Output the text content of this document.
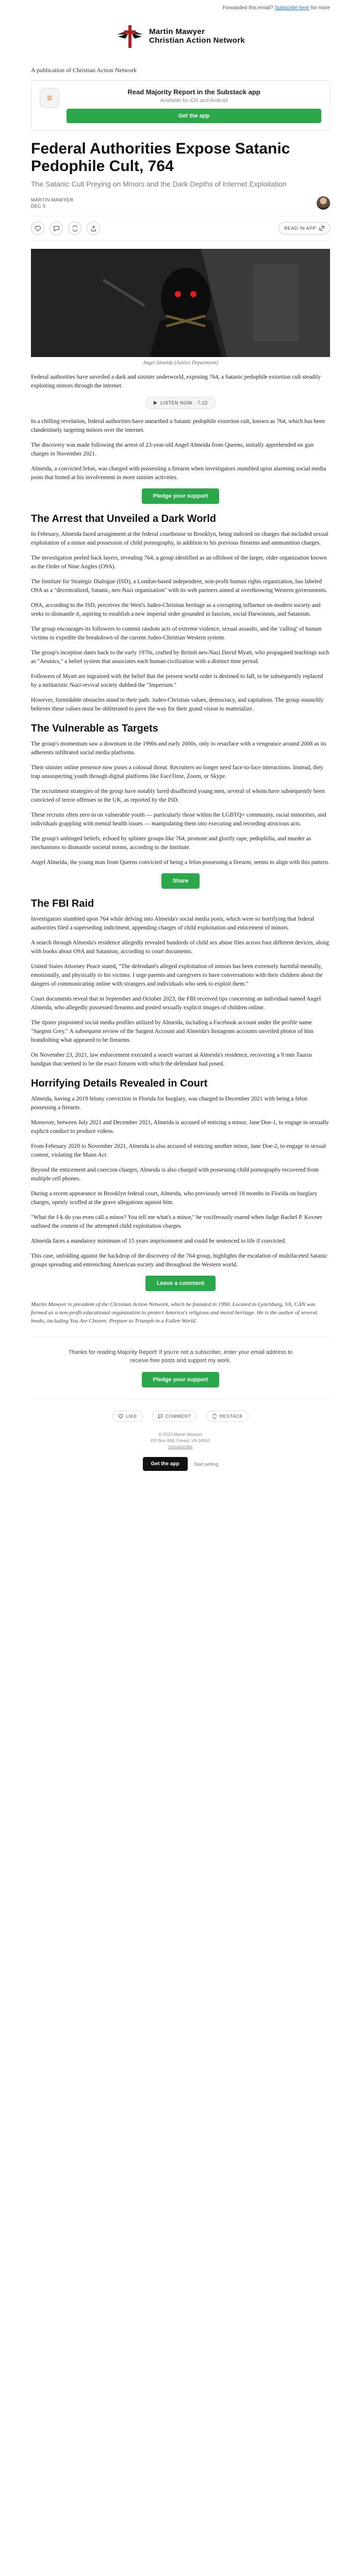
Forwarded this email? Subscribe here for more
Martin Mawyer
Christian Action Network
A publication of Christian Action Network
≡
Read Majority Report in the Substack app
Available for iOS and Android
Get the app
Federal Authorities Expose Satanic Pedophile Cult, 764
The Satanic Cult Preying on Minors and the Dark Depths of Internet Exploitation
MARTIN MAWYER
DEC 5
READ IN APP
Angel Almeida (Justice Department)

Federal authorities have unveiled a dark and sinister underworld, exposing 764, a Satanic pedophile extortion cult steadily exploiting minors through the internet.

LISTEN NOW · 7:22

In a chilling revelation, federal authorities have unearthed a Satanic pedophile extortion cult, known as 764, which has been clandestinely targeting minors over the internet.

The discovery was made following the arrest of 23-year-old Angel Almeida from Queens, initially apprehended on gun charges in November 2021.

Almeida, a convicted felon, was charged with possessing a firearm when investigators stumbled upon alarming social media posts that hinted at his involvement in more sinister activities.

Pledge your support
The Arrest that Unveiled a Dark World

In February, Almeida faced arraignment at the federal courthouse in Brooklyn, being indicted on charges that included sexual exploitation of a minor and possession of child pornography, in addition to his previous firearms and ammunition charges.

The investigation peeled back layers, revealing 764, a group identified as an offshoot of the larger, older organization known as the Order of Nine Angles (O9A).

The Institute for Strategic Dialogue (ISD), a London-based independent, non-profit human rights organization, has labeled O9A as a "decentralized, Satanic, neo-Nazi organization" with its web partners aimed at overthrowing Western governments.

O9A, according to the ISD, perceives the West's Judeo-Christian heritage as a corrupting influence on modern society and seeks to dismantle it, aspiring to establish a new imperial order grounded in fascism, social Darwinism, and Satanism.

The group encourages its followers to commit random acts of extreme violence, sexual assaults, and the 'culling' of human victims to expedite the breakdown of the current Judeo-Christian Western system.

The group's inception dates back to the early 1970s, crafted by British neo-Nazi David Myatt, who propagated teachings such as "Aeonics," a belief system that associates each human civilization with a distinct time period.

Followers of Myatt are ingrained with the belief that the present world order is destined to fall, to be subsequently replaced by a militaristic Nazi-revival society dubbed the "Imperium."

However, formidable obstacles stand in their path: Judeo-Christian values, democracy, and capitalism. The group staunchly believes these values must be obliterated to pave the way for their grand vision to materialize.

The Vulnerable as Targets

The group's momentum saw a downturn in the 1990s and early 2000s, only to resurface with a vengeance around 2008 as its adherents infiltrated social media platforms.

Their sinister online presence now poses a colossal threat. Recruiters no longer need face-to-face interactions. Instead, they trap unsuspecting youth through digital platforms like FaceTime, Zoom, or Skype.

The recruitment strategies of the group have notably lured disaffected young men, several of whom have subsequently been convicted of terror offenses in the UK, as reported by the ISD.

These recruits often zero in on vulnerable youth — particularly those within the LGBTQ+ community, racial minorities, and individuals grappling with mental health issues — manipulating them into executing and recording atrocious acts.

The group's unhinged beliefs, echoed by splinter groups like 764, promote and glorify rape, pedophilia, and murder as mechanisms to dismantle societal norms, according to the Institute.

Angel Almeida, the young man from Queens convicted of being a felon possessing a firearm, seems to align with this pattern.

Share
The FBI Raid

Investigators stumbled upon 764 while delving into Almeida's social media posts, which were so horrifying that federal authorities filed a superseding indictment, appending charges of child exploitation and enticement of minors.

A search through Almeida's residence allegedly revealed hundreds of child sex abuse files across four different devices, along with books about O9A and Satanism, according to court documents.

United States Attorney Peace stated, "The defendant's alleged exploitation of minors has been extremely harmful mentally, emotionally, and physically to his victims. I urge parents and caregivers to have conversations with their children about the dangers of communicating online with strangers and individuals who seek to exploit them."

Court documents reveal that in September and October 2023, the FBI received tips concerning an individual named Angel Almeida, who allegedly possessed firearms and posted sexually explicit images of children online.

The tipster pinpointed social media profiles utilized by Almeida, including a Facebook account under the profile name "Sargent Grey." A subsequent review of the Sargent Account and Almeida's Instagram accounts unveiled photos of him brandishing what appeared to be firearms.

On November 23, 2021, law enforcement executed a search warrant at Almeida's residence, recovering a 9 mm Taurus handgun that seemed to be the exact firearm with which the defendant had posed.

Horrifying Details Revealed in Court

Almeida, having a 2019 felony conviction in Florida for burglary, was charged in December 2021 with being a felon possessing a firearm.

Moreover, between July 2021 and December 2021, Almeida is accused of enticing a minor, Jane Doe-1, to engage in sexually explicit conduct to produce videos.

From February 2020 to November 2021, Almeida is also accused of enticing another minor, Jane Doe-2, to engage in sexual content, violating the Mann Act.

Beyond the enticement and coercion charges, Almeida is also charged with possessing child pornography recovered from multiple cell phones.

During a recent appearance in Brooklyn federal court, Almeida, who previously served 18 months in Florida on burglary charges, openly scoffed at the grave allegations against him.

"What the f-k do you even call a minor? You tell me what's a minor," he vociferously roared when Judge Rachel P. Kovner outlined the content of the attempted child exploitation charges.

Almeida faces a mandatory minimum of 15 years imprisonment and could be sentenced to life if convicted.

This case, unfolding against the backdrop of the discovery of the 764 group, highlights the escalation of multifaceted Satanic groups spreading and entrenching American society and throughout the Western world.

Leave a comment

Martin Mawyer is president of the Christian Action Network, which he founded in 1990. Located in Lynchburg, VA, CAN was formed as a non-profit educational organization to protect America's religious and moral heritage. He is the author of several books, including You Are Chosen: Prepare to Triumph in a Fallen World.

Thanks for reading Majority Report! If you're not a subscriber, enter your email address to receive free posts and support my work.
Pledge your support
LIKE	COMMENT	RESTACK
© 2023 Martin Mawyer
PO Box 606, Forest, VA 24551
Unsubscribe
Get the app	Start writing
